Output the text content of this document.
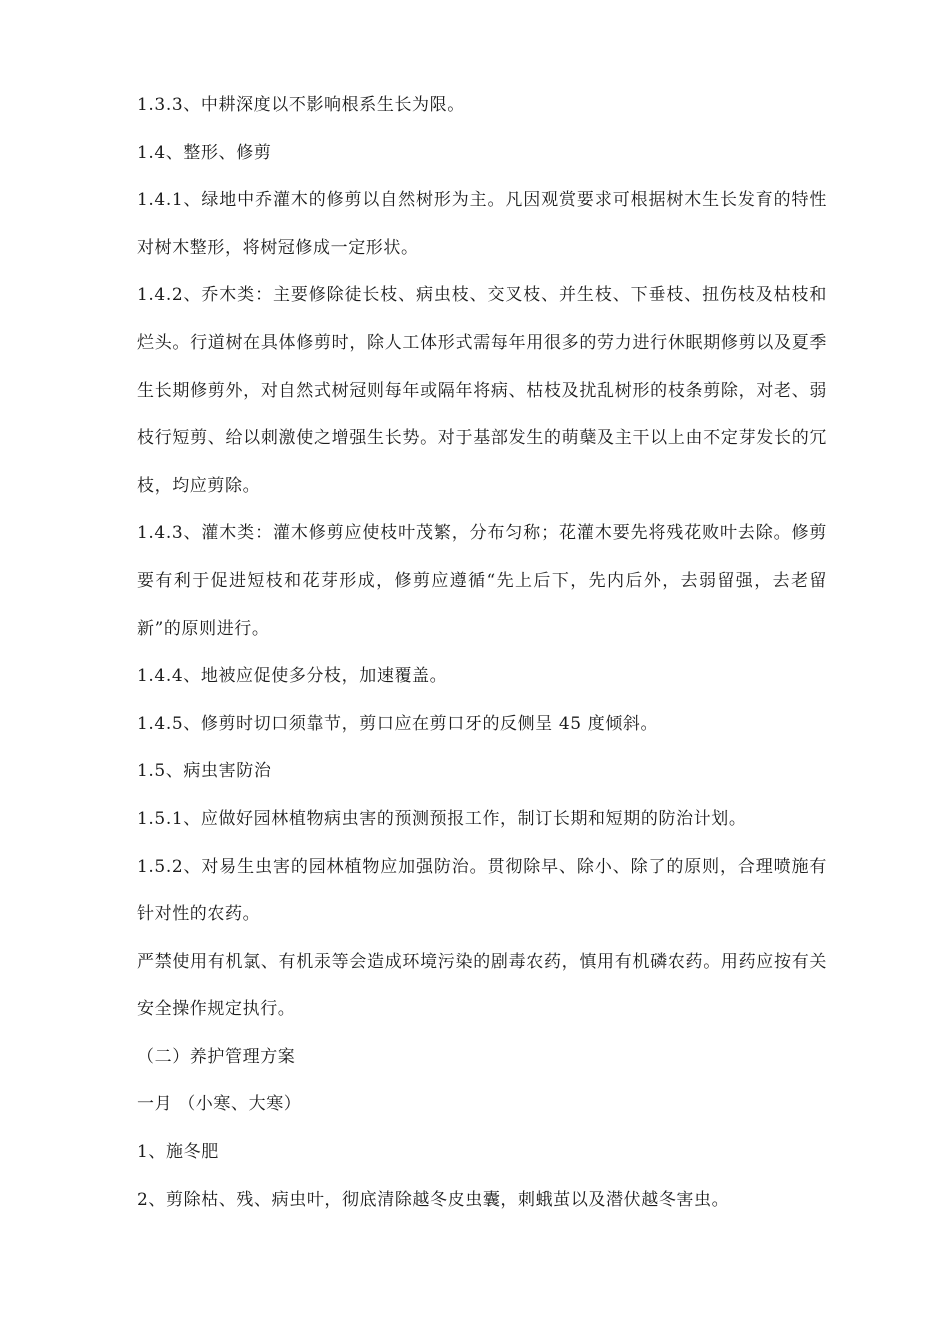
1.3.3、中耕深度以不影响根系生长为限。

1.4、整形、修剪

1.4.1、绿地中乔灌木的修剪以自然树形为主。凡因观赏要求可根据树木生长发育的特性对树木整形，将树冠修成一定形状。

1.4.2、乔木类：主要修除徒长枝、病虫枝、交叉枝、并生枝、下垂枝、扭伤枝及枯枝和烂头。行道树在具体修剪时，除人工体形式需每年用很多的劳力进行休眠期修剪以及夏季生长期修剪外，对自然式树冠则每年或隔年将病、枯枝及扰乱树形的枝条剪除，对老、弱枝行短剪、给以刺激使之增强生长势。对于基部发生的萌蘖及主干以上由不定芽发长的冗枝，均应剪除。

1.4.3、灌木类：灌木修剪应使枝叶茂繁，分布匀称；花灌木要先将残花败叶去除。修剪要有利于促进短枝和花芽形成，修剪应遵循“先上后下，先内后外，去弱留强，去老留新”的原则进行。

1.4.4、地被应促使多分枝，加速覆盖。

1.4.5、修剪时切口须靠节，剪口应在剪口牙的反侧呈 45 度倾斜。

1.5、病虫害防治

1.5.1、应做好园林植物病虫害的预测预报工作，制订长期和短期的防治计划。

1.5.2、对易生虫害的园林植物应加强防治。贯彻除早、除小、除了的原则，合理喷施有针对性的农药。

严禁使用有机氯、有机汞等会造成环境污染的剧毒农药，慎用有机磷农药。用药应按有关安全操作规定执行。

（二）养护管理方案

一月 （小寒、大寒）

1、施冬肥

2、剪除枯、残、病虫叶，彻底清除越冬皮虫囊，刺蛾茧以及潜伏越冬害虫。
